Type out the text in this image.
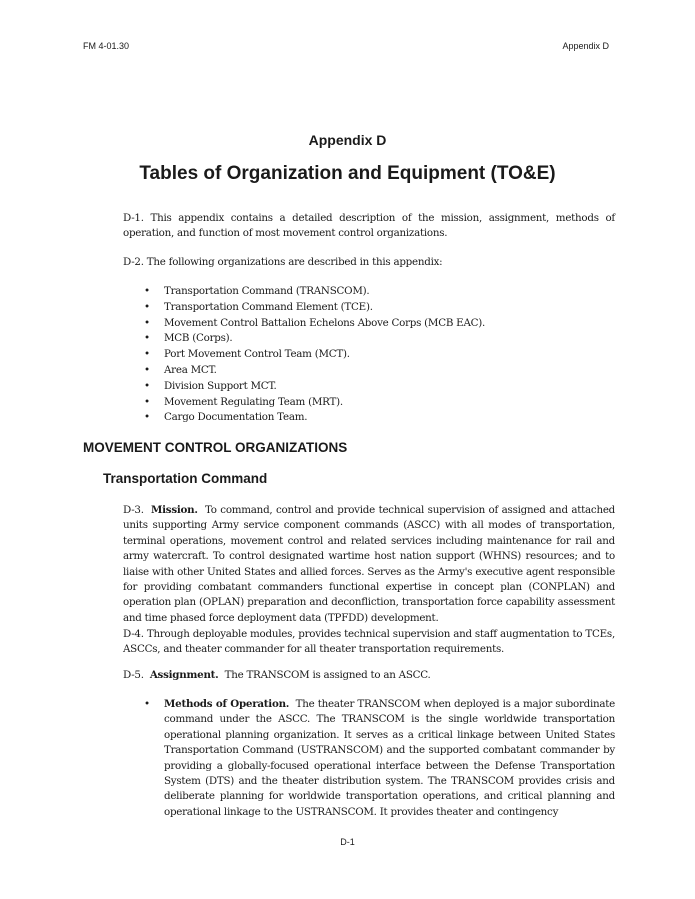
FM 4-01.30	Appendix D
Appendix D
Tables of Organization and Equipment (TO&E)

D-1. This appendix contains a detailed description of the mission, assignment, methods of operation, and function of most movement control organizations.

D-2. The following organizations are described in this appendix:

• Transportation Command (TRANSCOM).
• Transportation Command Element (TCE).
• Movement Control Battalion Echelons Above Corps (MCB EAC).
• MCB (Corps).
• Port Movement Control Team (MCT).
• Area MCT.
• Division Support MCT.
• Movement Regulating Team (MRT).
• Cargo Documentation Team.
MOVEMENT CONTROL ORGANIZATIONS
Transportation Command

D-3. Mission. To command, control and provide technical supervision of assigned and attached units supporting Army service component commands (ASCC) with all modes of transportation, terminal operations, movement control and related services including maintenance for rail and army watercraft. To control designated wartime host nation support (WHNS) resources; and to liaise with other United States and allied forces. Serves as the Army's executive agent responsible for providing combatant commanders functional expertise in concept plan (CONPLAN) and operation plan (OPLAN) preparation and deconfliction, transportation force capability assessment and time phased force deployment data (TPFDD) development.

D-4. Through deployable modules, provides technical supervision and staff augmentation to TCEs, ASCCs, and theater commander for all theater transportation requirements.

D-5. Assignment. The TRANSCOM is assigned to an ASCC.

• Methods of Operation. The theater TRANSCOM when deployed is a major subordinate command under the ASCC. The TRANSCOM is the single worldwide transportation operational planning organization. It serves as a critical linkage between United States Transportation Command (USTRANSCOM) and the supported combatant commander by providing a globally-focused operational interface between the Defense Transportation System (DTS) and the theater distribution system. The TRANSCOM provides crisis and deliberate planning for worldwide transportation operations, and critical planning and operational linkage to the USTRANSCOM. It provides theater and contingency

D-1
